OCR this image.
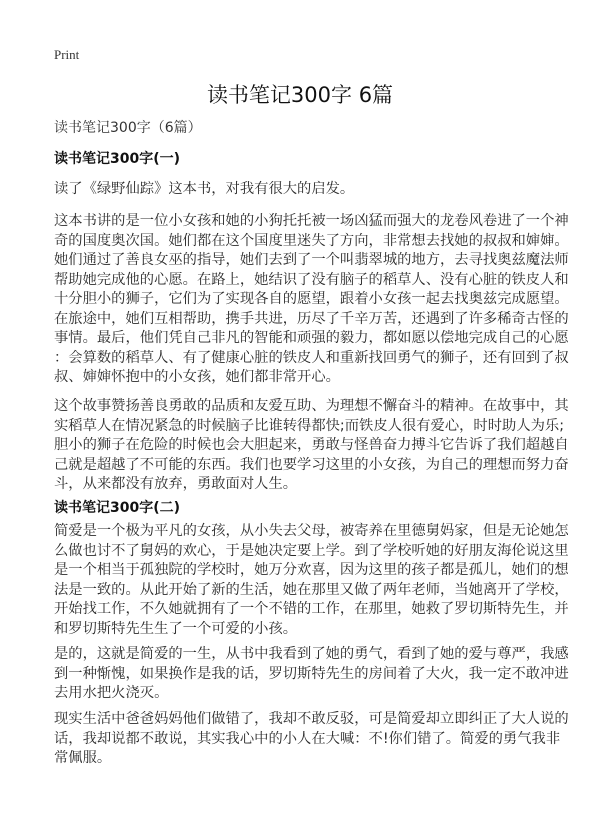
Print
读书笔记300字 6篇
读书笔记300字（6篇）
读书笔记300字(一)
读了《绿野仙踪》这本书，对我有很大的启发。
这本书讲的是一位小女孩和她的小狗托托被一场凶猛而强大的龙卷风卷进了一个神
奇的国度奥次国。她们都在这个国度里迷失了方向，非常想去找她的叔叔和婶婶。
她们通过了善良女巫的指导，她们去到了一个叫翡翠城的地方，去寻找奥兹魔法师
帮助她完成他的心愿。在路上，她结识了没有脑子的稻草人、没有心脏的铁皮人和
十分胆小的狮子，它们为了实现各自的愿望，跟着小女孩一起去找奥兹完成愿望。
在旅途中，她们互相帮助，携手共进，历尽了千辛万苦，还遇到了许多稀奇古怪的
事情。最后，他们凭自己非凡的智能和顽强的毅力，都如愿以偿地完成自己的心愿
：会算数的稻草人、有了健康心脏的铁皮人和重新找回勇气的狮子，还有回到了叔
叔、婶婶怀抱中的小女孩，她们都非常开心。
这个故事赞扬善良勇敢的品质和友爱互助、为理想不懈奋斗的精神。在故事中，其
实稻草人在情况紧急的时候脑子比谁转得都快;而铁皮人很有爱心，时时助人为乐;
胆小的狮子在危险的时候也会大胆起来，勇敢与怪兽奋力搏斗它告诉了我们超越自
己就是超越了不可能的东西。我们也要学习这里的小女孩，为自己的理想而努力奋
斗，从来都没有放弃，勇敢面对人生。
读书笔记300字(二)
简爱是一个极为平凡的女孩，从小失去父母，被寄养在里德舅妈家，但是无论她怎
么做也讨不了舅妈的欢心，于是她决定要上学。到了学校听她的好朋友海伦说这里
是一个相当于孤独院的学校时，她万分欢喜，因为这里的孩子都是孤儿，她们的想
法是一致的。从此开始了新的生活，她在那里又做了两年老师，当她离开了学校，
开始找工作，不久她就拥有了一个不错的工作，在那里，她救了罗切斯特先生，并
和罗切斯特先生生了一个可爱的小孩。
是的，这就是简爱的一生，从书中我看到了她的勇气，看到了她的爱与尊严，我感
到一种惭愧，如果换作是我的话，罗切斯特先生的房间着了大火，我一定不敢冲进
去用水把火浇灭。
现实生活中爸爸妈妈他们做错了，我却不敢反驳，可是简爱却立即纠正了大人说的
话，我却说都不敢说，其实我心中的小人在大喊：不!你们错了。简爱的勇气我非
常佩服。
